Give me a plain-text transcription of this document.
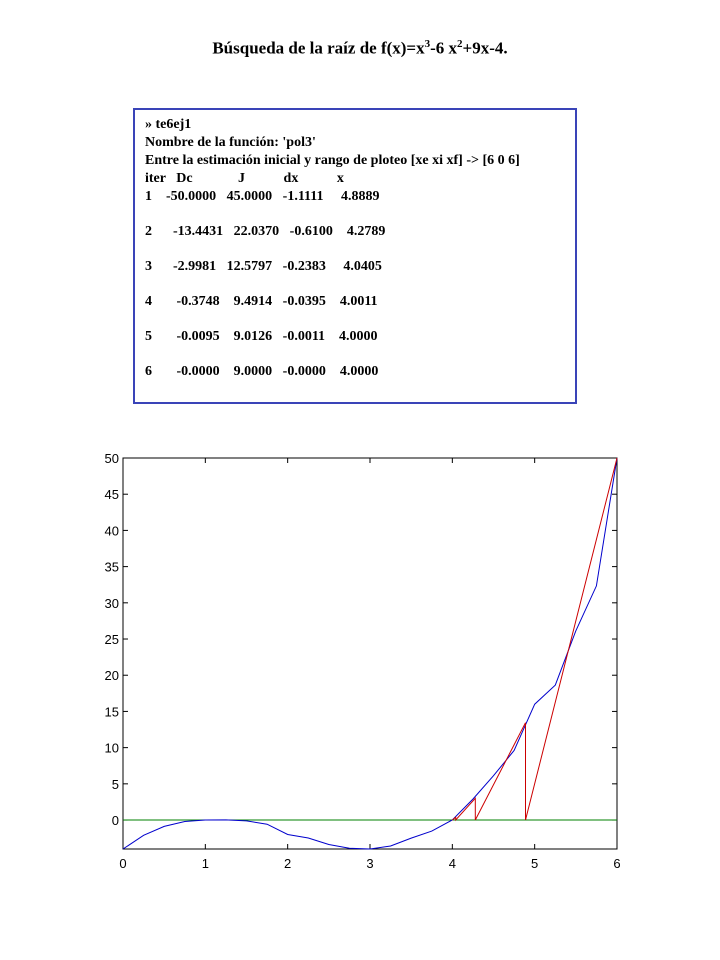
Búsqueda de la raíz de $f(x)=x^3-6$ $x^2+9x-4$.
» te6ej1
Nombre de la función: 'pol3'
Entre la estimación inicial y rango de ploteo [xe xi xf] -> [6 0 6]
iter   Dc             J           dx           x
1    -50.0000   45.0000   -1.1111     4.8889
2      -13.4431   22.0370   -0.6100    4.2789
3      -2.9981   12.5797   -0.2383     4.0405
4       -0.3748    9.4914   -0.0395    4.0011
5       -0.0095    9.0126   -0.0011    4.0000
6       -0.0000    9.0000   -0.0000    4.0000
0	1	2	3	4	5	6
0
5
10
15
20
25
30
35
40
45
50
